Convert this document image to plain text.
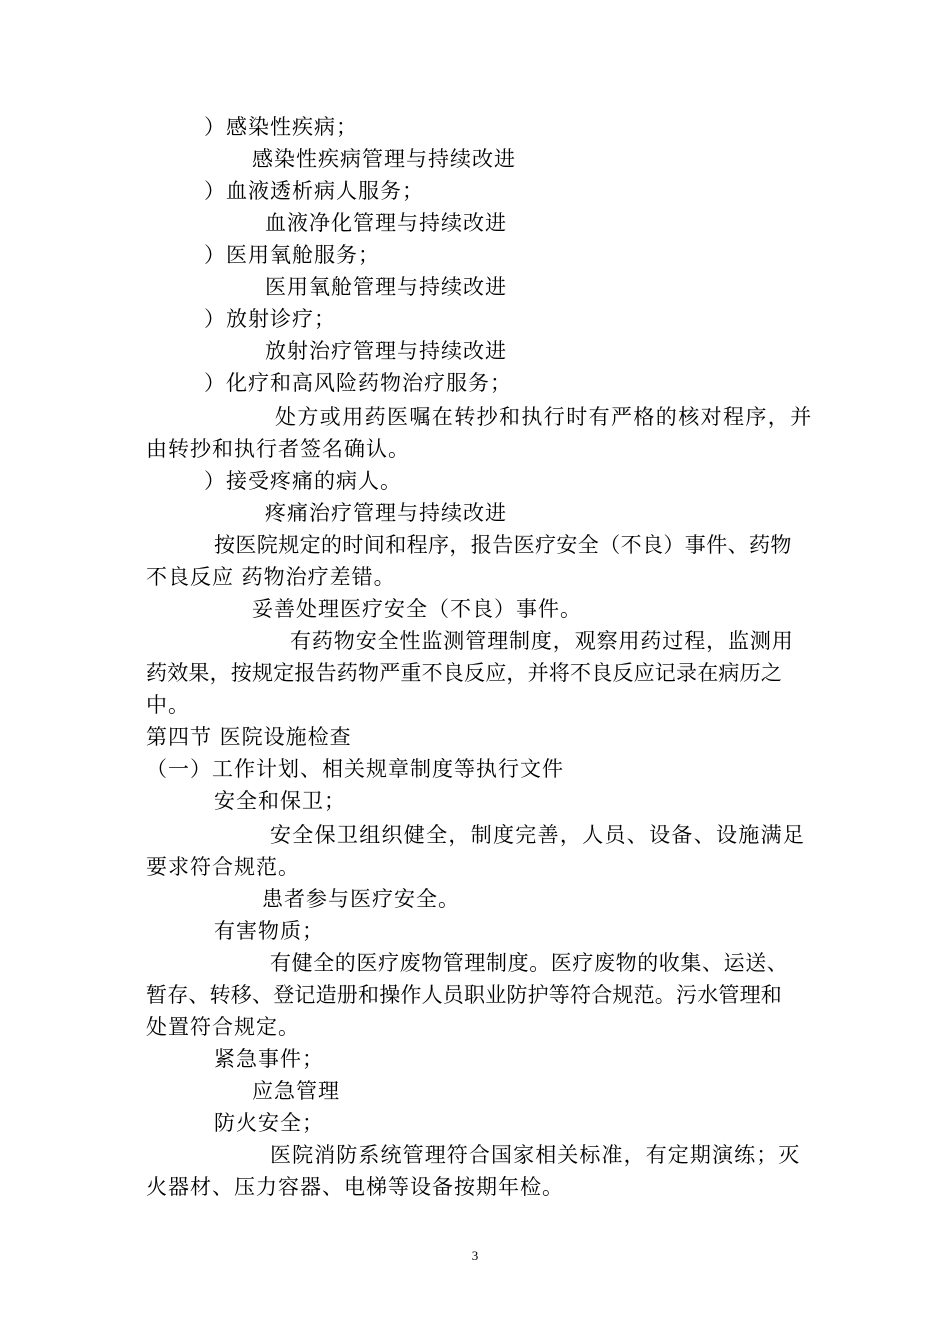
）感染性疾病；
感染性疾病管理与持续改进
）血液透析病人服务；
血液净化管理与持续改进
）医用氧舱服务；
医用氧舱管理与持续改进
）放射诊疗；
放射治疗管理与持续改进
）化疗和高风险药物治疗服务；
处方或用药医嘱在转抄和执行时有严格的核对程序，并
由转抄和执行者签名确认。
）接受疼痛的病人。
疼痛治疗管理与持续改进
按医院规定的时间和程序，报告医疗安全（不良）事件、药物
不良反应 药物治疗差错。
妥善处理医疗安全（不良）事件。
有药物安全性监测管理制度，观察用药过程，监测用
药效果，按规定报告药物严重不良反应，并将不良反应记录在病历之
中。
第四节 医院设施检查
（一）工作计划、相关规章制度等执行文件
安全和保卫；
安全保卫组织健全，制度完善，人员、设备、设施满足
要求符合规范。
患者参与医疗安全。
有害物质；
有健全的医疗废物管理制度。医疗废物的收集、运送、
暂存、转移、登记造册和操作人员职业防护等符合规范。污水管理和
处置符合规定。
紧急事件；
应急管理
防火安全；
医院消防系统管理符合国家相关标准，有定期演练；灭
火器材、压力容器、电梯等设备按期年检。
3
